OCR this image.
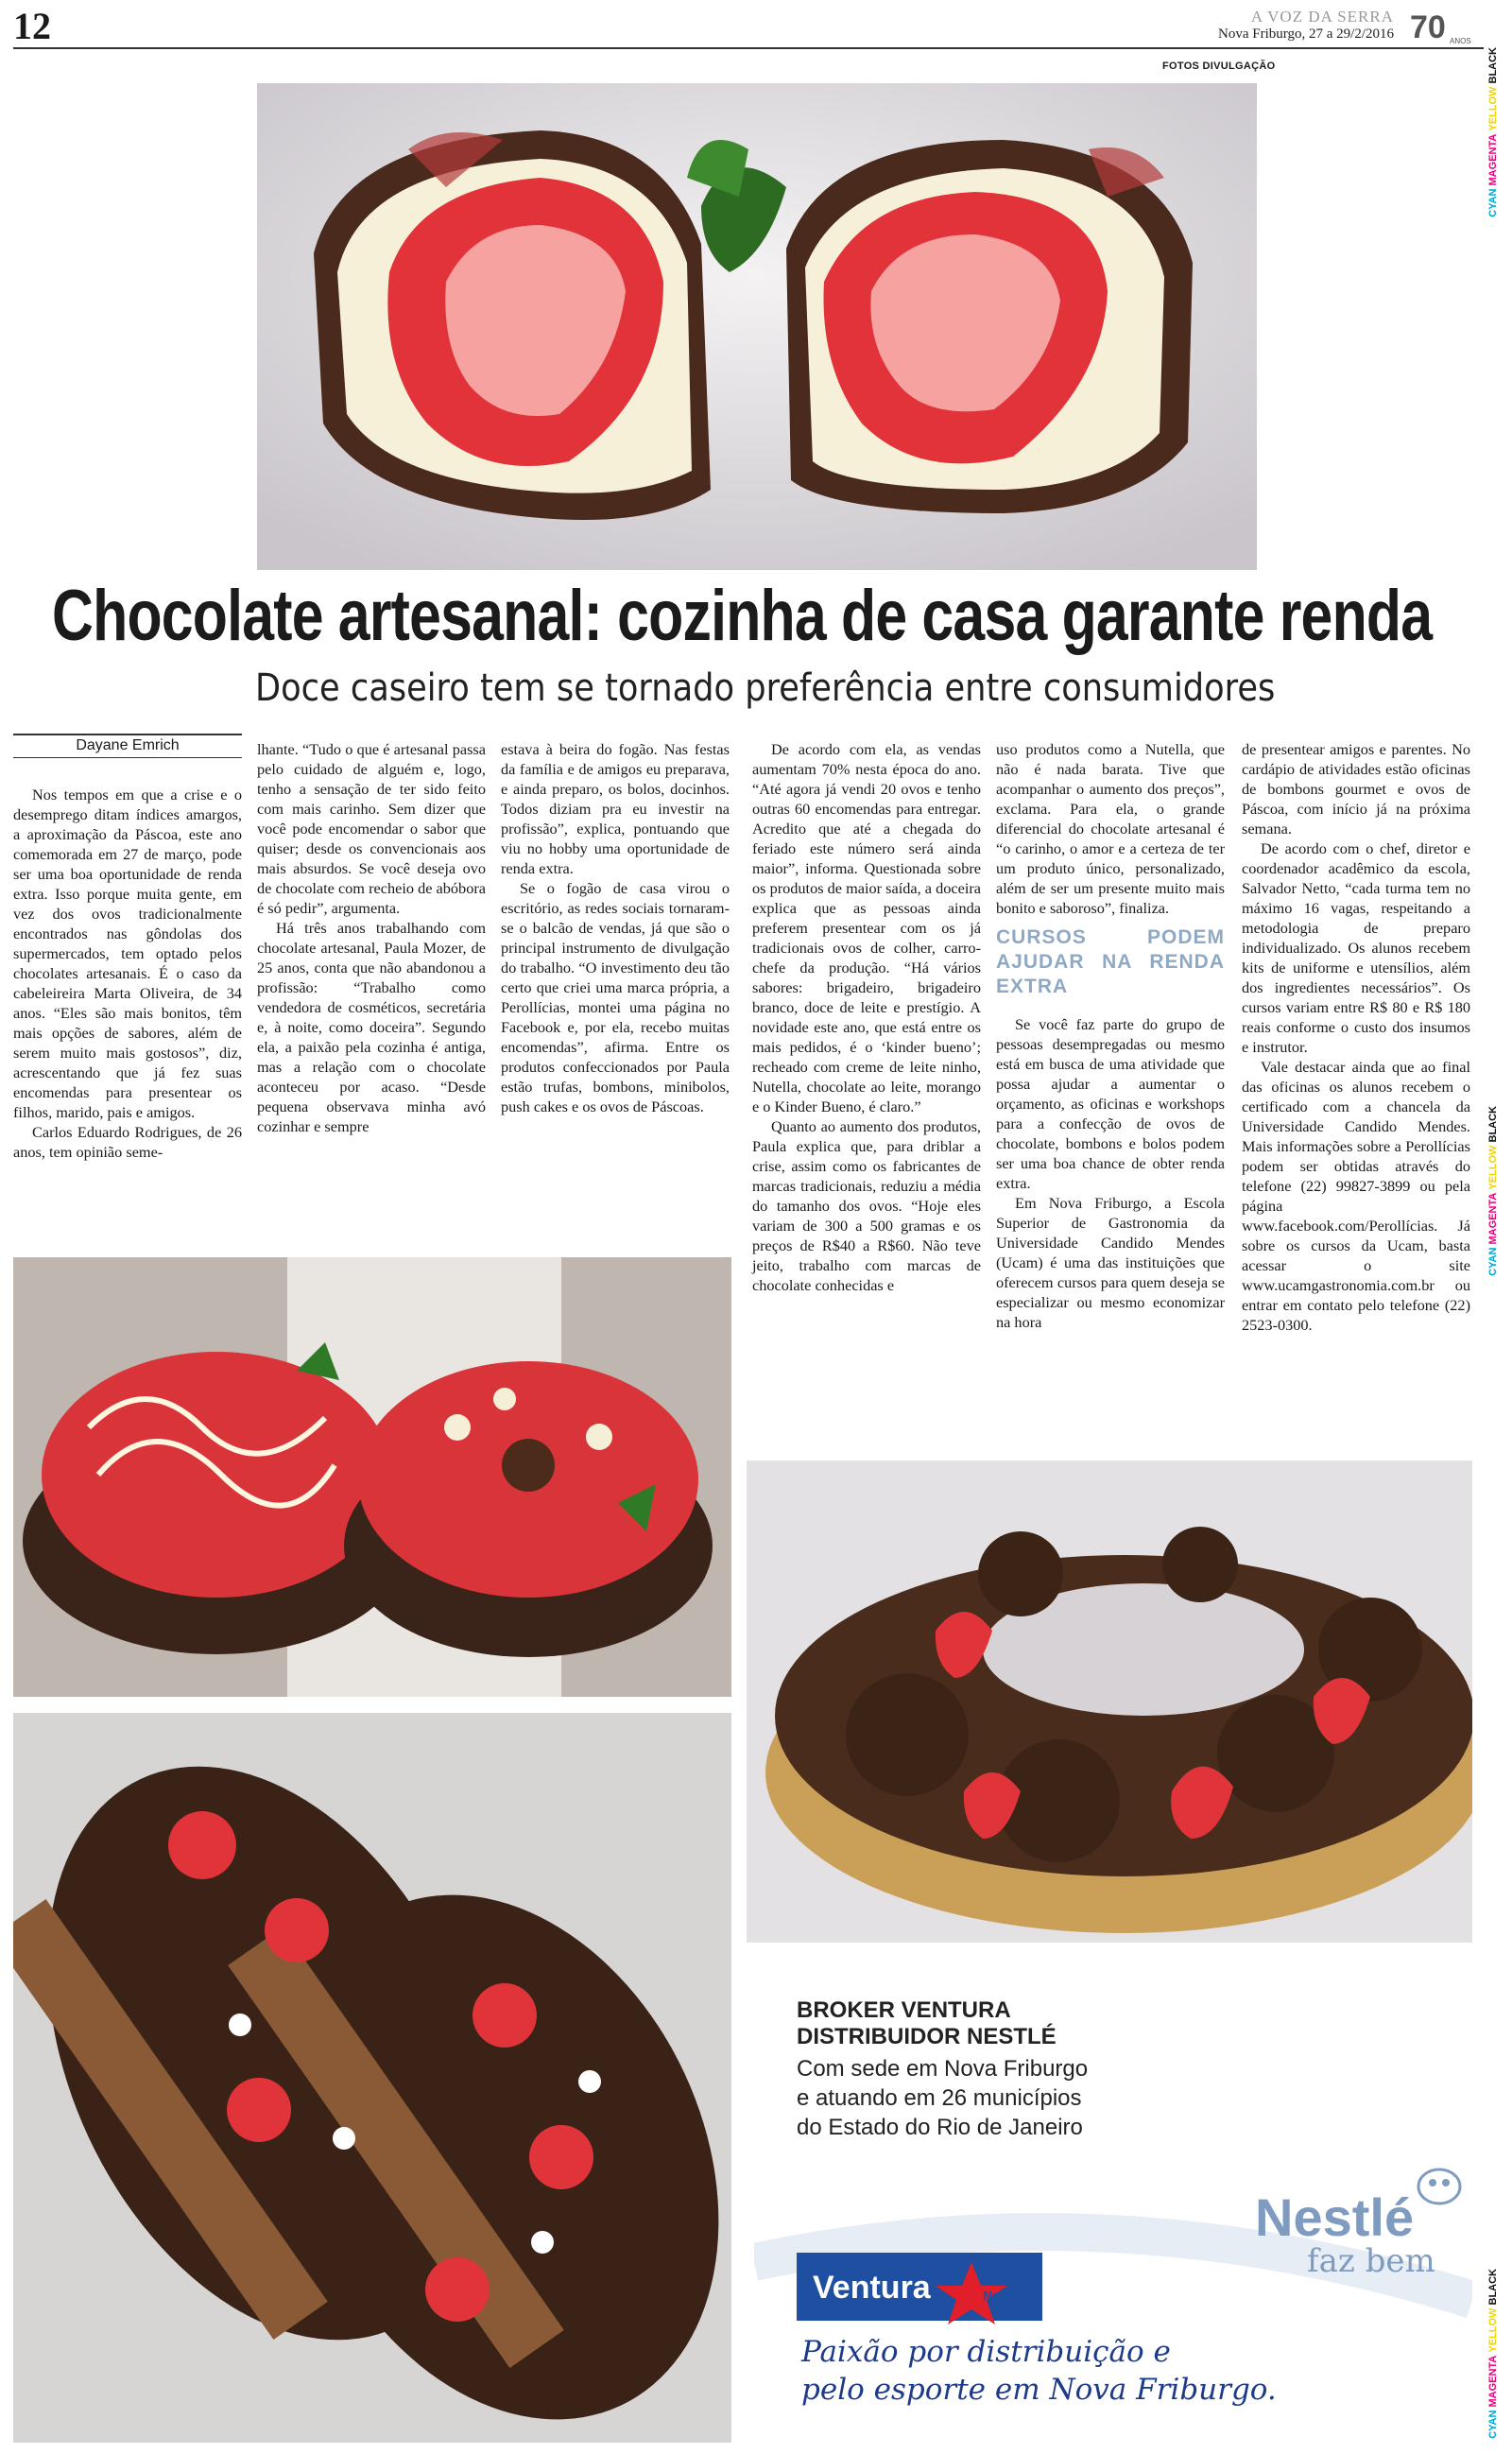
12	A VOZ DA SERRA
Nova Friburgo, 27 a 29/2/2016 70 ANOS
FOTOS DIVULGAÇÃO
CYAN MAGENTA YELLOW BLACK
CYAN MAGENTA YELLOW BLACK
CYAN MAGENTA YELLOW BLACK
Chocolate artesanal: cozinha de casa garante renda
Doce caseiro tem se tornado preferência entre consumidores
Dayane Emrich

Nos tempos em que a crise e o desemprego ditam índices amargos, a aproximação da Páscoa, este ano comemorada em 27 de março, pode ser uma boa oportunidade de renda extra. Isso porque muita gente, em vez dos ovos tradicionalmente encontrados nas gôndolas dos supermercados, tem optado pelos chocolates artesanais. É o caso da cabeleireira Marta Oliveira, de 34 anos. “Eles são mais bonitos, têm mais opções de sabores, além de serem muito mais gostosos”, diz, acrescentando que já fez suas encomendas para presentear os filhos, marido, pais e amigos.

Carlos Eduardo Rodrigues, de 26 anos, tem opinião seme-

lhante. “Tudo o que é artesanal passa pelo cuidado de alguém e, logo, tenho a sensação de ter sido feito com mais carinho. Sem dizer que você pode encomendar o sabor que quiser; desde os convencionais aos mais absurdos. Se você deseja ovo de chocolate com recheio de abóbora é só pedir”, argumenta.

Há três anos trabalhando com chocolate artesanal, Paula Mozer, de 25 anos, conta que não abandonou a profissão: “Trabalho como vendedora de cosméticos, secretária e, à noite, como doceira”. Segundo ela, a paixão pela cozinha é antiga, mas a relação com o chocolate aconteceu por acaso. “Desde pequena observava minha avó cozinhar e sempre

estava à beira do fogão. Nas festas da família e de amigos eu preparava, e ainda preparo, os bolos, docinhos. Todos diziam pra eu investir na profissão”, explica, pontuando que viu no hobby uma oportunidade de renda extra.

Se o fogão de casa virou o escritório, as redes sociais tornaram-se o balcão de vendas, já que são o principal instrumento de divulgação do trabalho. “O investimento deu tão certo que criei uma marca própria, a Perollícias, montei uma página no Facebook e, por ela, recebo muitas encomendas”, afirma. Entre os produtos confeccionados por Paula estão trufas, bombons, minibolos, push cakes e os ovos de Páscoas.

De acordo com ela, as vendas aumentam 70% nesta época do ano. “Até agora já vendi 20 ovos e tenho outras 60 encomendas para entregar. Acredito que até a chegada do feriado este número será ainda maior”, informa. Questionada sobre os produtos de maior saída, a doceira explica que as pessoas ainda preferem presentear com os já tradicionais ovos de colher, carro-chefe da produção. “Há vários sabores: brigadeiro, brigadeiro branco, doce de leite e prestígio. A novidade este ano, que está entre os mais pedidos, é o ‘kinder bueno’; recheado com creme de leite ninho, Nutella, chocolate ao leite, morango e o Kinder Bueno, é claro.”

Quanto ao aumento dos produtos, Paula explica que, para driblar a crise, assim como os fabricantes de marcas tradicionais, reduziu a média do tamanho dos ovos. “Hoje eles variam de 300 a 500 gramas e os preços de R$40 a R$60. Não teve jeito, trabalho com marcas de chocolate conhecidas e

uso produtos como a Nutella, que não é nada barata. Tive que acompanhar o aumento dos preços”, exclama. Para ela, o grande diferencial do chocolate artesanal é “o carinho, o amor e a certeza de ter um produto único, personalizado, além de ser um presente muito mais bonito e saboroso”, finaliza.

CURSOS PODEM AJUDAR NA RENDA EXTRA

Se você faz parte do grupo de pessoas desempregadas ou mesmo está em busca de uma atividade que possa ajudar a aumentar o orçamento, as oficinas e workshops para a confecção de ovos de chocolate, bombons e bolos podem ser uma boa chance de obter renda extra.

Em Nova Friburgo, a Escola Superior de Gastronomia da Universidade Candido Mendes (Ucam) é uma das instituições que oferecem cursos para quem deseja se especializar ou mesmo economizar na hora

de presentear amigos e parentes. No cardápio de atividades estão oficinas de bombons gourmet e ovos de Páscoa, com início já na próxima semana.

De acordo com o chef, diretor e coordenador acadêmico da escola, Salvador Netto, “cada turma tem no máximo 16 vagas, respeitando a metodologia de preparo individualizado. Os alunos recebem kits de uniforme e utensílios, além dos ingredientes necessários”. Os cursos variam entre R$ 80 e R$ 180 reais conforme o custo dos insumos e instrutor.

Vale destacar ainda que ao final das oficinas os alunos recebem o certificado com a chancela da Universidade Candido Mendes. Mais informações sobre a Perollícias podem ser obtidas através do telefone (22) 99827-3899 ou pela página www.facebook.com/Perollícias. Já sobre os cursos da Ucam, basta acessar o site www.ucamgastronomia.com.br ou entrar em contato pelo telefone (22) 2523-0300.

BROKER VENTURA
DISTRIBUIDOR NESTLÉ
Com sede em Nova Friburgo
e atuando em 26 municípios
do Estado do Rio de Janeiro
Ventura
Distribuição
Nestlé
Nestlé
faz bem
Paixão por distribuição e
pelo esporte em Nova Friburgo.
